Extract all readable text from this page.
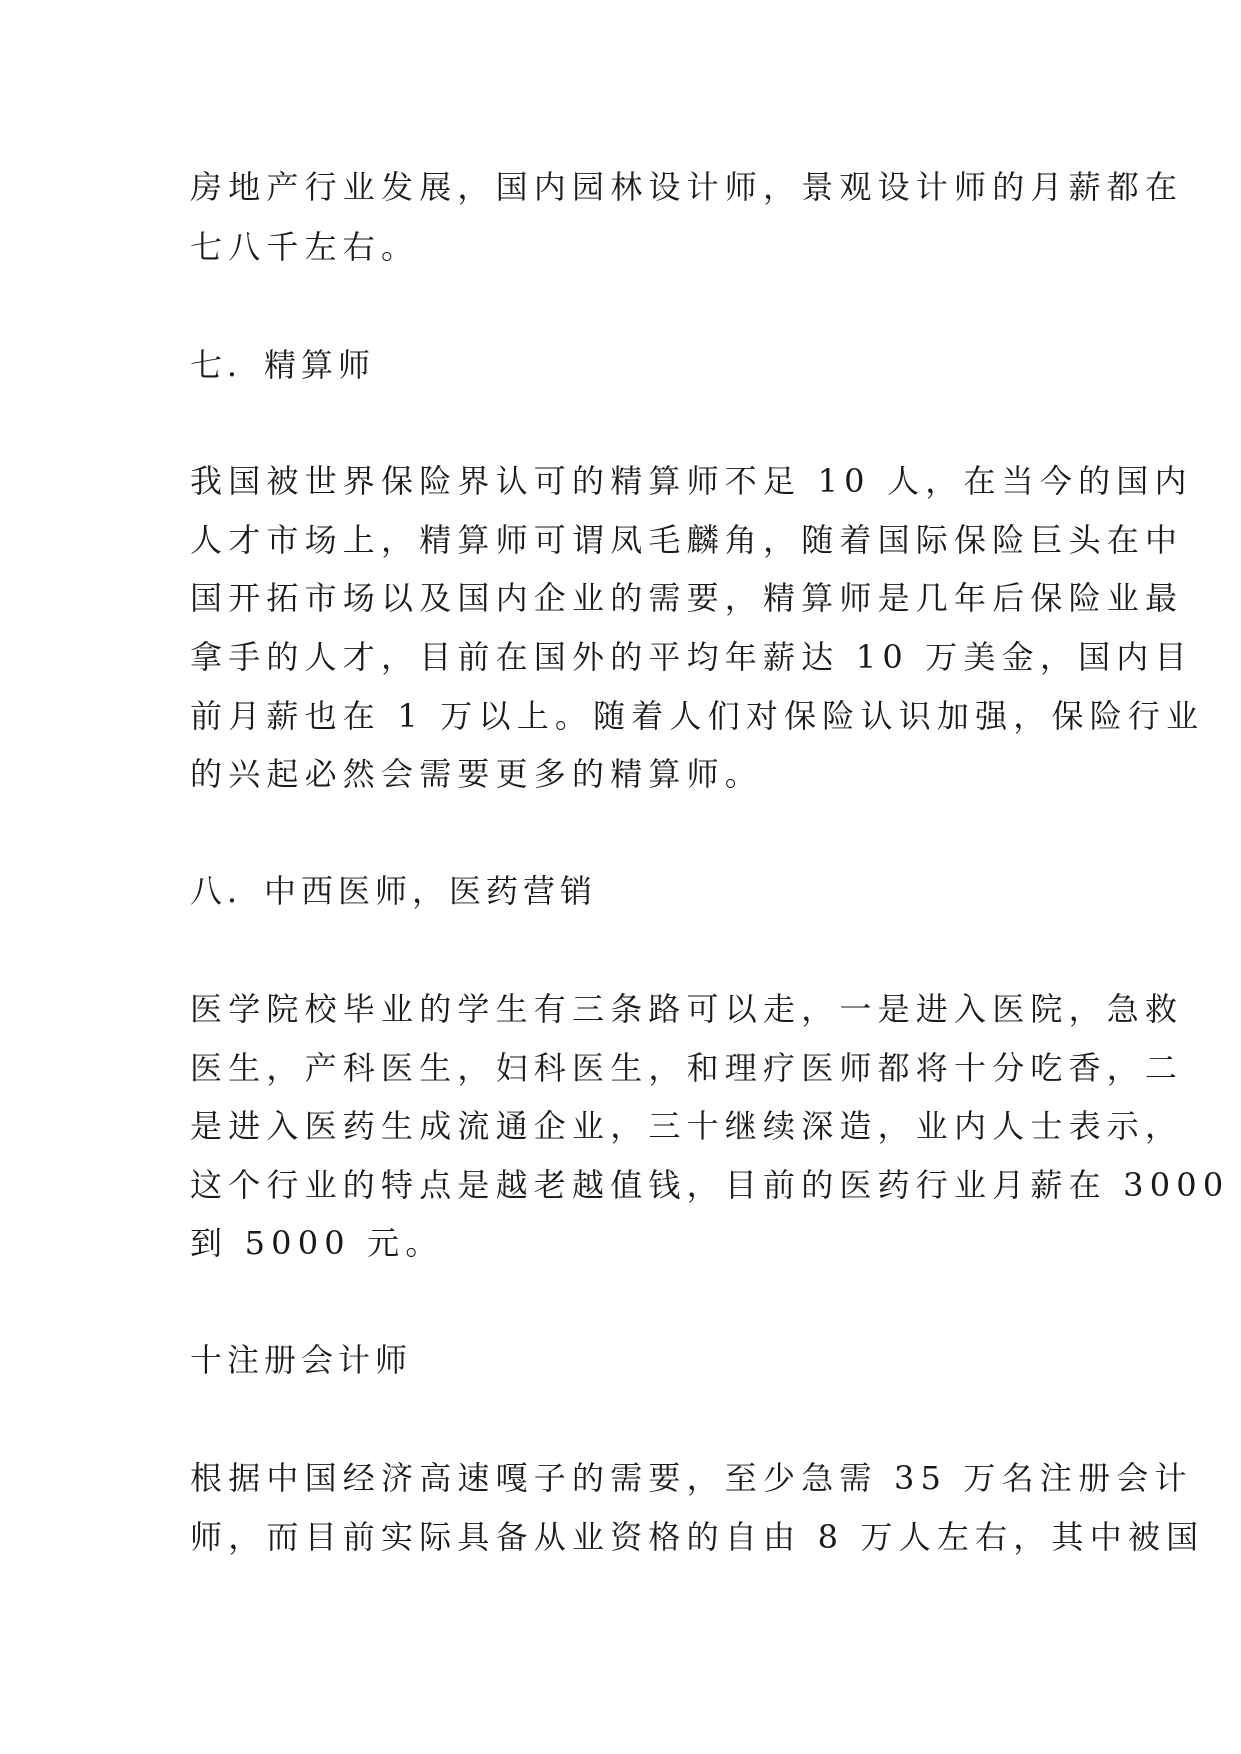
房地产行业发展，国内园林设计师，景观设计师的月薪都在
七八千左右。
七．精算师
我国被世界保险界认可的精算师不足 10 人，在当今的国内
人才市场上，精算师可谓凤毛麟角，随着国际保险巨头在中
国开拓市场以及国内企业的需要，精算师是几年后保险业最
拿手的人才，目前在国外的平均年薪达 10 万美金，国内目
前月薪也在 1 万以上。随着人们对保险认识加强，保险行业
的兴起必然会需要更多的精算师。
八．中西医师，医药营销
医学院校毕业的学生有三条路可以走，一是进入医院，急救
医生，产科医生，妇科医生，和理疗医师都将十分吃香，二
是进入医药生成流通企业，三十继续深造，业内人士表示，
这个行业的特点是越老越值钱，目前的医药行业月薪在 3000
到 5000 元。
十注册会计师
根据中国经济高速嘎子的需要，至少急需 35 万名注册会计
师，而目前实际具备从业资格的自由 8 万人左右，其中被国
